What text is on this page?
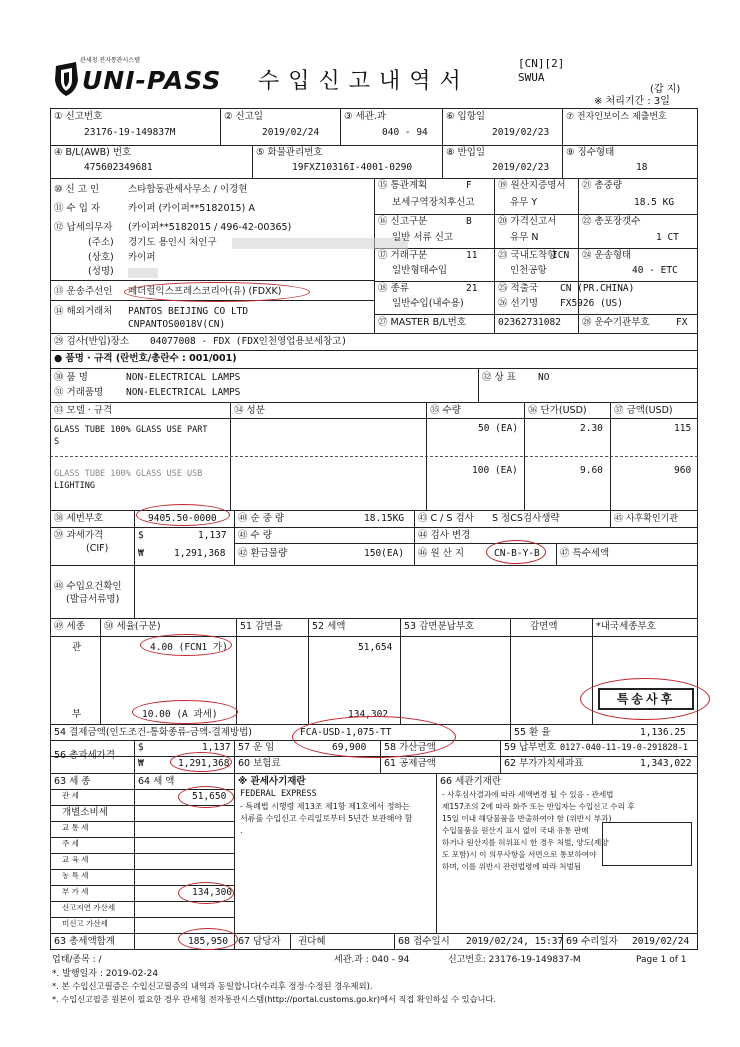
관세청 전자통관시스템
UNI-PASS 수입신고내역서
[CN][2]
SWUA
(갑 지)
※ 처리기간 : 3일
① 신고번호
23176-19-149837M
② 신고일
2019/02/24
③ 세관.과
040 - 94
⑥ 입항일
2019/02/23
⑦ 전자인보이스 제출번호
④ B/L(AWB) 번호
475602349681
⑤ 화물관리번호
19FXZ10316I-4001-0290
⑧ 반입일
2019/02/23
⑨ 징수형태
18
⑩ 신 고 인	스타합동관세사무소 / 이경현
⑪ 수 입 자	카이퍼 (카이퍼**5182015) A
⑫ 납세의무자 (카이퍼**5182015 / 496-42-00365)
(주소) 경기도 용인시 처인구
(상호) 카이퍼
(성명)
⑬ 운송주선인 페더럴익스프레스코리아(유) (FDXK)
⑭ 해외거래처 PANTOS BEIJING CO LTD
CNPANTOS0018V(CN)
⑮ 통관계획	F
보세구역장치후신고
⑯ 신고구분	B
일반 서류 신고
⑰ 거래구분	11
일반형태수입
⑱ 종류	21
일반수입(내수용)
㉗ MASTER B/L번호	02362731082
⑲ 원산지증명서
유무 Y
⑳ 가격신고서
유무 N
㉓ 국내도착항
ICN
인천공항
㉕ 적출국 CN (PR.CHINA)
㉖ 선기명 FX5926 (US)
㉑ 총중량
18.5 KG
㉒ 총포장갯수
1 CT
㉔ 운송형태
40 - ETC
㉘ 운수기관부호	FX
㉙ 검사(반입)장소 04077008 - FDX (FDX인천영업용보세창고)
● 품명 · 규격 (란번호/총란수 : 001/001)
㉚ 품 명	NON-ELECTRICAL LAMPS
㉛ 거래품명 NON-ELECTRICAL LAMPS
㉜ 상 표 NO
㉝ 모델 · 규격	㉞ 성분	㉟ 수량	㊱ 단가(USD)	㊲ 금액(USD)
GLASS TUBE 100% GLASS USE PART
S
50 (EA)	2.30	115
GLASS TUBE 100% GLASS USE USB
LIGHTING
100 (EA)	9.60	960
㊳ 세번부호	9405.50-0000
㊴ 과세가격
(CIF)
$	1,137
₩	1,291,368
㊵ 순 중 량	18.15KG
㊶ 수 량
㊷ 환급물량	150(EA)
㊸ C / S 검사 S 정CS검사생략	㊺ 사후확인기관
㊹ 검사 변경
㊻ 원 산 지	CN-B-Y-B ㊼ 특수세액
㊽ 수입요건확인
(발급서류명)
㊾ 세종 ㊿ 세율(구분)	51 감면율	52 세액	53 감면분납부호	감면액	*내국세종부호
관	4.00 (FCN1 가)	51,654
부	10.00 (A 과세)	134,302
특송사후
54 결제금액(인도조건-통화종류-금액-결제방법)	FCA-USD-1,075-TT	55 환 율	1,136.25
56 총과세가격
$	1,137
₩	1,291,368
57 운 임	69,900 58 가산금액	59 납부번호 0127-040-11-19-0-291828-1
60 보험료	61 공제금액	62 부가가치세과표	1,343,022
63 세 종	64 세 액
관 세	51,650
개별소비세
교 통 세
주 세
교 육 세
농 특 세
부 가 세	134,300
신고지연 가산세
미신고 가산세
63 총세액합계	185,950
※ 관세사기재란
FEDERAL EXPRESS
- 특례법 시행령 제13조 제1항 제1호에서 정하는
서류를 수입신고 수리일로부터 5년간 보관해야 함
.
66 세관기재란
- 사후심사결과에 따라 세액변경 될 수 있음 - 관세법
제157조의 2에 따라 화주 또는 반입자는 수입신고 수리 후
15일 이내 해당물품을 반출하여야 함 (위반시 부과)
수입물품을 원산지 표시 없이 국내 유통 판매
하거나 원산지를 허위표시 한 경우 처벌, 양도(제양
도 포함)시 이 의무사항을 서면으로 통보하여야
하며, 이를 위반시 관련법령에 따라 처벌됨
67 담당자 권다혜	68 접수일시 2019/02/24, 15:37 69 수리일자 2019/02/24
업태/종목 : /	세관.과 : 040 - 94	신고번호: 23176-19-149837-M	Page 1 of 1
*. 발행일자 : 2019-02-24
*. 본 수입신고필증은 수입신고필증의 내역과 동일합니다(수리후 정정·수정된 경우제외).
*. 수입신고필증 원본이 필요한 경우 관세청 전자통관시스템(http://portal.customs.go.kr)에서 직접 확인하실 수 있습니다.
